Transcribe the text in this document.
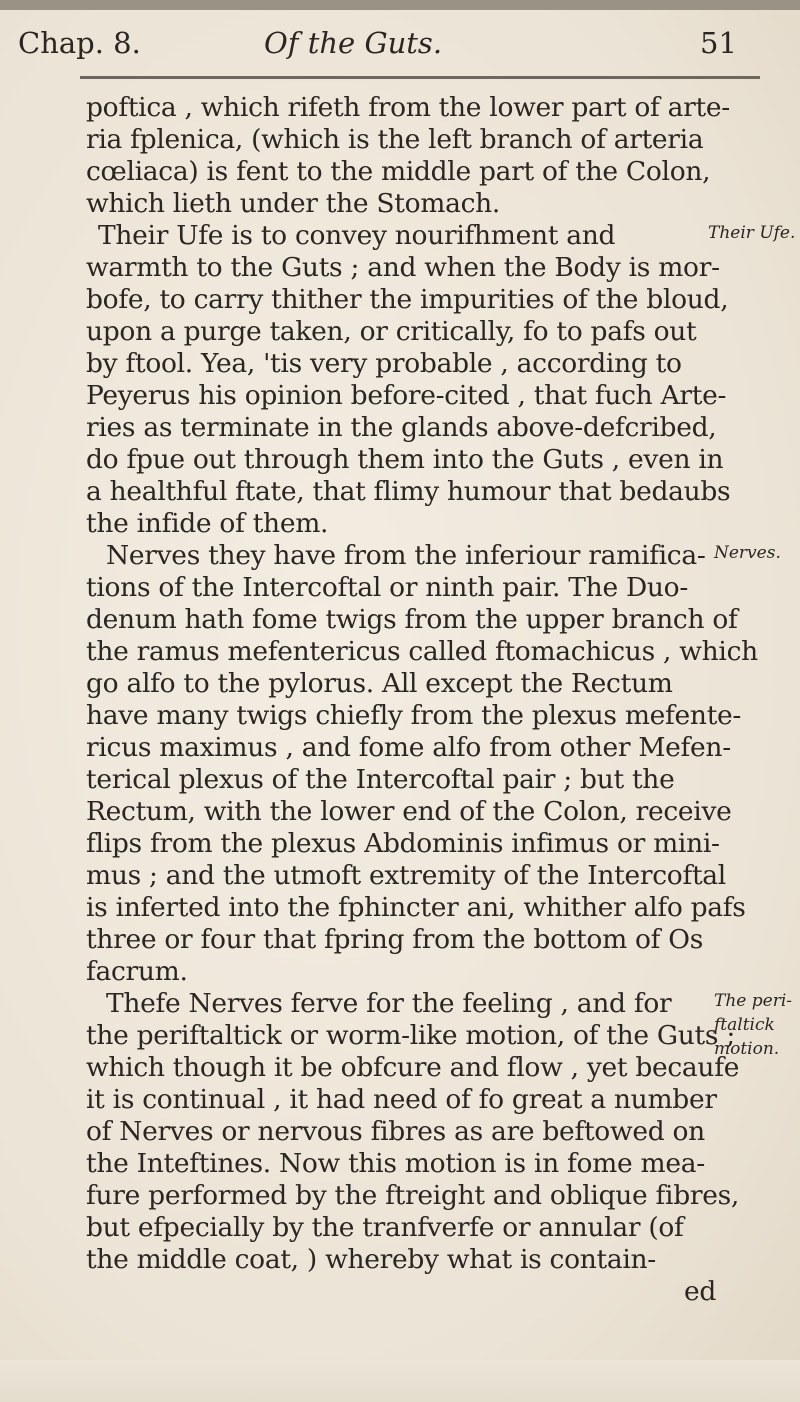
Chap. 8.	Of the Guts.	51
poftica , which rifeth from the lower part of arte-
ria fplenica, (which is the left branch of arteria
cœliaca) is fent to the middle part of the Colon,
which lieth under the Stomach.
Their Ufe is to convey nourifhment and
warmth to the Guts ; and when the Body is mor-
bofe, to carry thither the impurities of the bloud,
upon a purge taken, or critically, fo to pafs out
by ftool. Yea, 'tis very probable , according to
Peyerus his opinion before-cited , that fuch Arte-
ries as terminate in the glands above-defcribed,
do fpue out through them into the Guts , even in
a healthful ftate, that flimy humour that bedaubs
the infide of them.
Nerves they have from the inferiour ramifica-
tions of the Intercoftal or ninth pair. The Duo-
denum hath fome twigs from the upper branch of
the ramus mefentericus called ftomachicus , which
go alfo to the pylorus. All except the Rectum
have many twigs chiefly from the plexus mefente-
ricus maximus , and fome alfo from other Mefen-
terical plexus of the Intercoftal pair ; but the
Rectum, with the lower end of the Colon, receive
flips from the plexus Abdominis infimus or mini-
mus ; and the utmoft extremity of the Intercoftal
is inferted into the fphincter ani, whither alfo pafs
three or four that fpring from the bottom of Os
facrum.
Thefe Nerves ferve for the feeling , and for
the periftaltick or worm-like motion, of the Guts ;
which though it be obfcure and flow , yet becaufe
it is continual , it had need of fo great a number
of Nerves or nervous fibres as are beftowed on
the Inteftines. Now this motion is in fome mea-
fure performed by the ftreight and oblique fibres,
but efpecially by the tranfverfe or annular (of
the middle coat, ) whereby what is contain-
ed
Their Ufe.
Nerves.
The peri-
ftaltick
motion.
